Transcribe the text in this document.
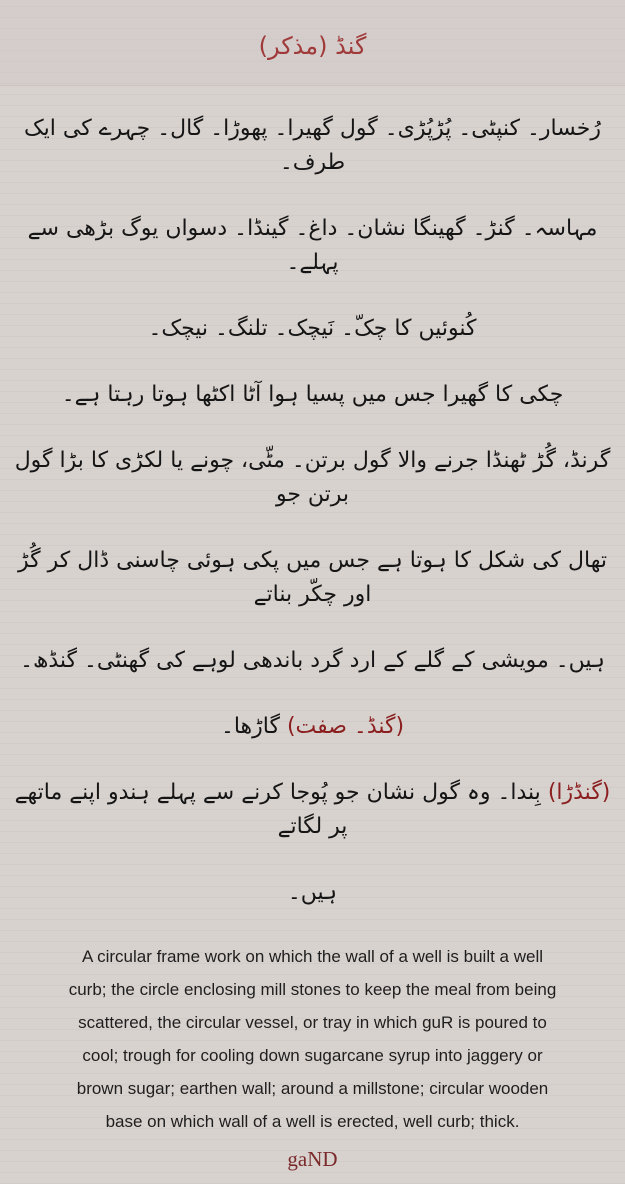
گنڈ (مذکر)
رُخسار۔ کنپٹی۔ پُڑپُڑی۔ گول گھیرا۔ پھوڑا۔ گال۔ چہرے کی ایک طرف۔
مہاسہ۔ گنڑ۔ گھینگا نشان۔ داغ۔ گینڈا۔ دسواں یوگ بڑھی سے پہلے۔
کُنوئیں کا چکّ۔ نَیچک۔ تلنگ۔ نیچک۔
چکی کا گھیرا جس میں پسیا ہوا آٹا اکٹھا ہوتا رہتا ہے۔
گرنڈ، گُڑ ٹھنڈا جرنے والا گول برتن۔ مٹّی، چونے یا لکڑی کا بڑا گول برتن جو
تھال کی شکل کا ہوتا ہے جس میں پکی ہوئی چاسنی ڈال کر گُڑ اور چکّر بناتے
ہیں۔ مویشی کے گلے کے ارد گرد باندھی لوہے کی گھنٹی۔ گنڈھ۔
(گنڈ۔ صفت) گاڑھا۔
(گنڈڑا) بِندا۔ وہ گول نشان جو پُوجا کرنے سے پہلے ہندو اپنے ماتھے پر لگاتے
ہیں۔
A circular frame work on which the wall of a well is built a well
curb; the circle enclosing mill stones to keep the meal from being
scattered, the circular vessel, or tray in which guR is poured to
cool; trough for cooling down sugarcane syrup into jaggery or
brown sugar; earthen wall; around a millstone; circular wooden
base on which wall of a well is erected, well curb; thick.
gaND
